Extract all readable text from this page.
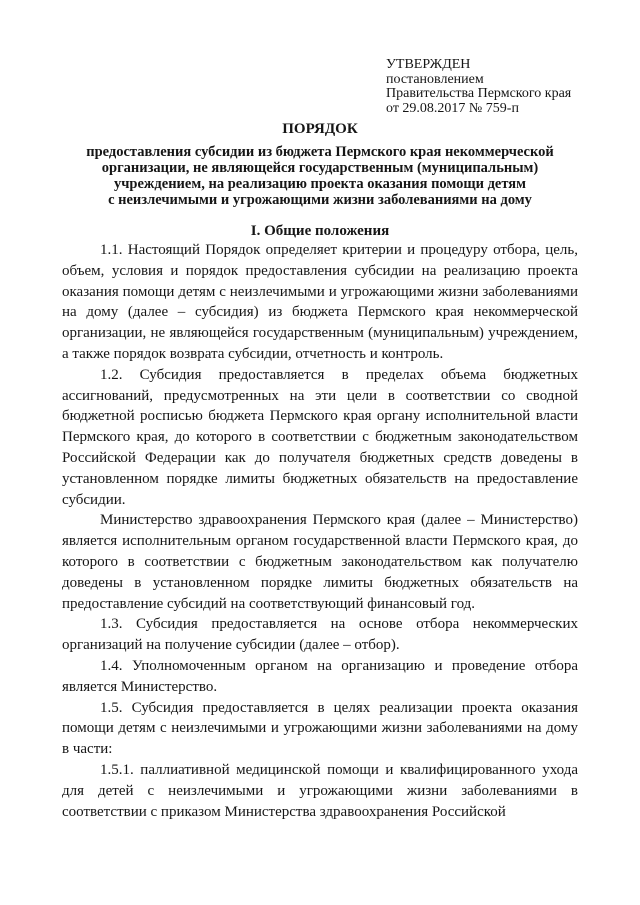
УТВЕРЖДЕН
постановлением
Правительства Пермского края
от 29.08.2017 № 759-п
ПОРЯДОК
предоставления субсидии из бюджета Пермского края некоммерческой
организации, не являющейся государственным (муниципальным)
учреждением, на реализацию проекта оказания помощи детям
с неизлечимыми и угрожающими жизни заболеваниями на дому
I. Общие положения

1.1. Настоящий Порядок определяет критерии и процедуру отбора, цель, объем, условия и порядок предоставления субсидии на реализацию проекта оказания помощи детям с неизлечимыми и угрожающими жизни заболеваниями на дому (далее – субсидия) из бюджета Пермского края некоммерческой организации, не являющейся государственным (муниципальным) учреждением, а также порядок возврата субсидии, отчетность и контроль.

1.2. Субсидия предоставляется в пределах объема бюджетных ассигнований, предусмотренных на эти цели в соответствии со сводной бюджетной росписью бюджета Пермского края органу исполнительной власти Пермского края, до которого в соответствии с бюджетным законодательством Российской Федерации как до получателя бюджетных средств доведены в установленном порядке лимиты бюджетных обязательств на предоставление субсидии.

Министерство здравоохранения Пермского края (далее – Министерство) является исполнительным органом государственной власти Пермского края, до которого в соответствии с бюджетным законодательством как получателю доведены в установленном порядке лимиты бюджетных обязательств на предоставление субсидий на соответствующий финансовый год.

1.3. Субсидия предоставляется на основе отбора некоммерческих организаций на получение субсидии (далее – отбор).

1.4. Уполномоченным органом на организацию и проведение отбора является Министерство.

1.5. Субсидия предоставляется в целях реализации проекта оказания помощи детям с неизлечимыми и угрожающими жизни заболеваниями на дому в части:

1.5.1. паллиативной медицинской помощи и квалифицированного ухода для детей с неизлечимыми и угрожающими жизни заболеваниями в соответствии с приказом Министерства здравоохранения Российской
